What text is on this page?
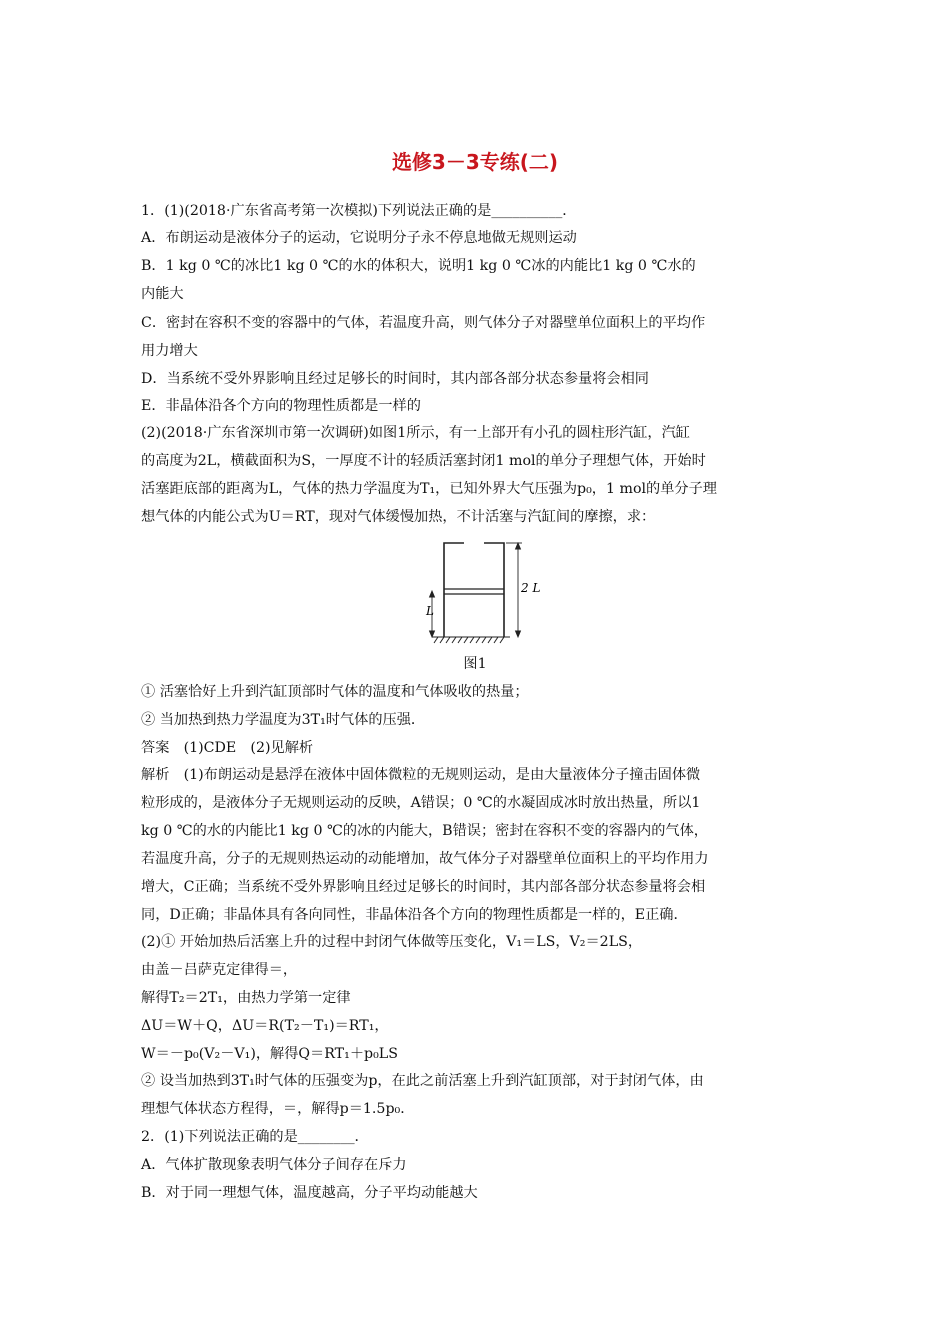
选修3－3专练(二)
1．(1)(2018·广东省高考第一次模拟)下列说法正确的是__________．
A．布朗运动是液体分子的运动，它说明分子永不停息地做无规则运动
B．1 kg 0 ℃的冰比1 kg 0 ℃的水的体积大，说明1 kg 0 ℃冰的内能比1 kg 0 ℃水的
内能大
C．密封在容积不变的容器中的气体，若温度升高，则气体分子对器壁单位面积上的平均作
用力增大
D．当系统不受外界影响且经过足够长的时间时，其内部各部分状态参量将会相同
E．非晶体沿各个方向的物理性质都是一样的
(2)(2018·广东省深圳市第一次调研)如图1所示，有一上部开有小孔的圆柱形汽缸，汽缸
的高度为2L，横截面积为S，一厚度不计的轻质活塞封闭1 mol的单分子理想气体，开始时
活塞距底部的距离为L，气体的热力学温度为T₁，已知外界大气压强为p₀，1 mol的单分子理
想气体的内能公式为U＝RT，现对气体缓慢加热，不计活塞与汽缸间的摩擦，求：
2 L
L
图1
① 活塞恰好上升到汽缸顶部时气体的温度和气体吸收的热量；
② 当加热到热力学温度为3T₁时气体的压强．
答案　(1)CDE　(2)见解析
解析　(1)布朗运动是悬浮在液体中固体微粒的无规则运动，是由大量液体分子撞击固体微
粒形成的，是液体分子无规则运动的反映，A错误；0 ℃的水凝固成冰时放出热量，所以1
kg 0 ℃的水的内能比1 kg 0 ℃的冰的内能大，B错误；密封在容积不变的容器内的气体，
若温度升高，分子的无规则热运动的动能增加，故气体分子对器壁单位面积上的平均作用力
增大，C正确；当系统不受外界影响且经过足够长的时间时，其内部各部分状态参量将会相
同，D正确；非晶体具有各向同性，非晶体沿各个方向的物理性质都是一样的，E正确．
(2)① 开始加热后活塞上升的过程中封闭气体做等压变化，V₁＝LS，V₂＝2LS，
由盖－吕萨克定律得＝，
解得T₂＝2T₁，由热力学第一定律
ΔU＝W＋Q，ΔU＝R(T₂－T₁)＝RT₁，
W＝－p₀(V₂－V₁)，解得Q＝RT₁＋p₀LS
② 设当加热到3T₁时气体的压强变为p，在此之前活塞上升到汽缸顶部，对于封闭气体，由
理想气体状态方程得，＝，解得p＝1.5p₀．
2．(1)下列说法正确的是________．
A．气体扩散现象表明气体分子间存在斥力
B．对于同一理想气体，温度越高，分子平均动能越大
